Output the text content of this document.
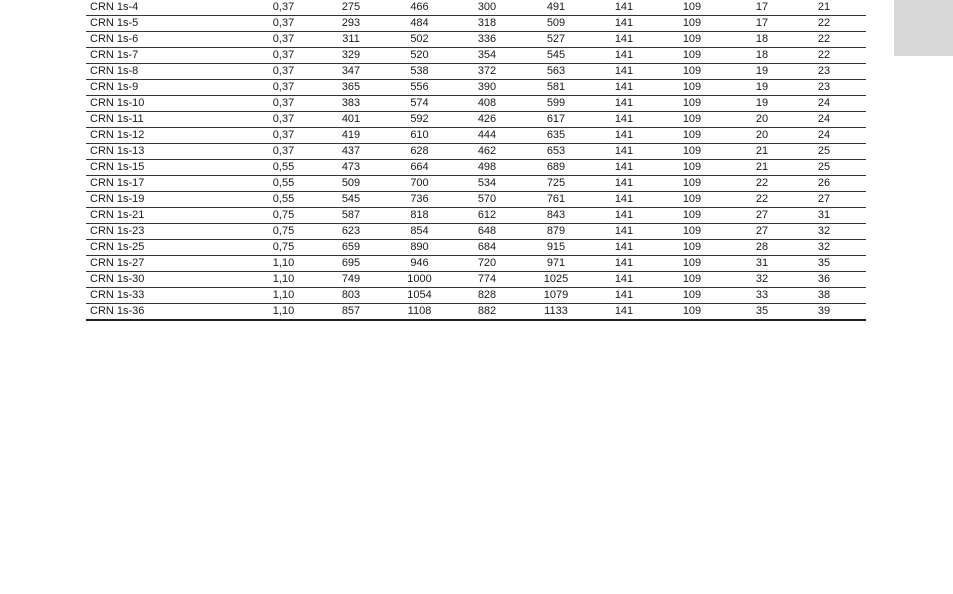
CRN 1s-4	0,37	275	466	300	491	141	109	17	21
CRN 1s-5	0,37	293	484	318	509	141	109	17	22
CRN 1s-6	0,37	311	502	336	527	141	109	18	22
CRN 1s-7	0,37	329	520	354	545	141	109	18	22
CRN 1s-8	0,37	347	538	372	563	141	109	19	23
CRN 1s-9	0,37	365	556	390	581	141	109	19	23
CRN 1s-10	0,37	383	574	408	599	141	109	19	24
CRN 1s-11	0,37	401	592	426	617	141	109	20	24
CRN 1s-12	0,37	419	610	444	635	141	109	20	24
CRN 1s-13	0,37	437	628	462	653	141	109	21	25
CRN 1s-15	0,55	473	664	498	689	141	109	21	25
CRN 1s-17	0,55	509	700	534	725	141	109	22	26
CRN 1s-19	0,55	545	736	570	761	141	109	22	27
CRN 1s-21	0,75	587	818	612	843	141	109	27	31
CRN 1s-23	0,75	623	854	648	879	141	109	27	32
CRN 1s-25	0,75	659	890	684	915	141	109	28	32
CRN 1s-27	1,10	695	946	720	971	141	109	31	35
CRN 1s-30	1,10	749	1000	774	1025	141	109	32	36
CRN 1s-33	1,10	803	1054	828	1079	141	109	33	38
CRN 1s-36	1,10	857	1108	882	1133	141	109	35	39
